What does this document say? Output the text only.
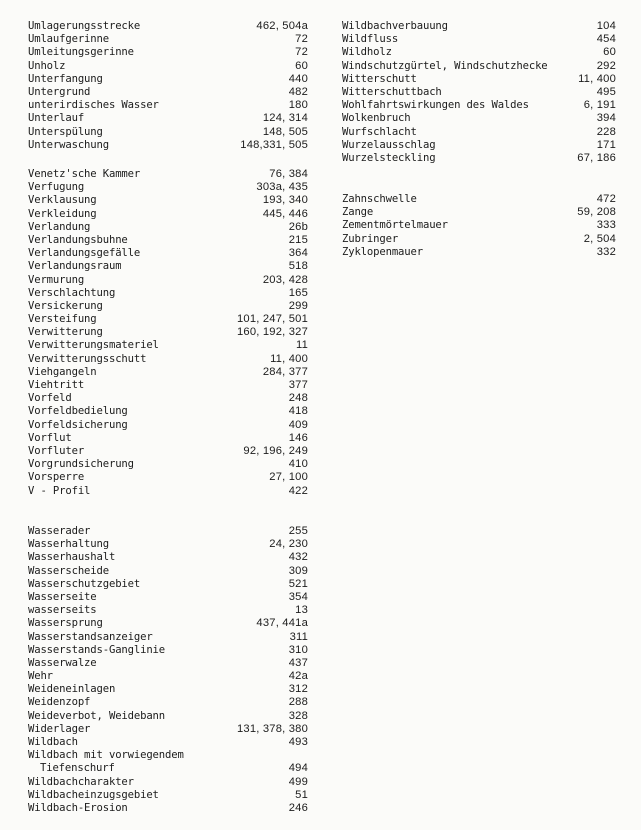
Umlagerungsstrecke	462, 504a
Umlaufgerinne	72
Umleitungsgerinne	72
Unholz	60
Unterfangung	440
Untergrund	482
unterirdisches Wasser	180
Unterlauf	124, 314
Unterspülung	148, 505
Unterwaschung	148,331, 505
Venetz'sche Kammer	76, 384
Verfugung	303a, 435
Verklausung	193, 340
Verkleidung	445, 446
Verlandung	26b
Verlandungsbuhne	215
Verlandungsgefälle	364
Verlandungsraum	518
Vermurung	203, 428
Verschlachtung	165
Versickerung	299
Versteifung	101, 247, 501
Verwitterung	160, 192, 327
Verwitterungsmateriel	11
Verwitterungsschutt	11, 400
Viehgangeln	284, 377
Viehtritt	377
Vorfeld	248
Vorfeldbedielung	418
Vorfeldsicherung	409
Vorflut	146
Vorfluter	92, 196, 249
Vorgrundsicherung	410
Vorsperre	27, 100
V - Profil	422
Wasserader	255
Wasserhaltung	24, 230
Wasserhaushalt	432
Wasserscheide	309
Wasserschutzgebiet	521
Wasserseite	354
wasserseits	13
Wassersprung	437, 441a
Wasserstandsanzeiger	311
Wasserstands-Ganglinie	310
Wasserwalze	437
Wehr	42a
Weideneinlagen	312
Weidenzopf	288
Weideverbot, Weidebann	328
Widerlager	131, 378, 380
Wildbach	493
Wildbach mit vorwiegendem
Tiefenschurf	494
Wildbachcharakter	499
Wildbacheinzugsgebiet	51
Wildbach-Erosion	246
Wildbachverbauung	104
Wildfluss	454
Wildholz	60
Windschutzgürtel, Windschutzhecke	292
Witterschutt	11, 400
Witterschuttbach	495
Wohlfahrtswirkungen des Waldes	6, 191
Wolkenbruch	394
Wurfschlacht	228
Wurzelausschlag	171
Wurzelsteckling	67, 186
Zahnschwelle	472
Zange	59, 208
Zementmörtelmauer	333
Zubringer	2, 504
Zyklopenmauer	332
